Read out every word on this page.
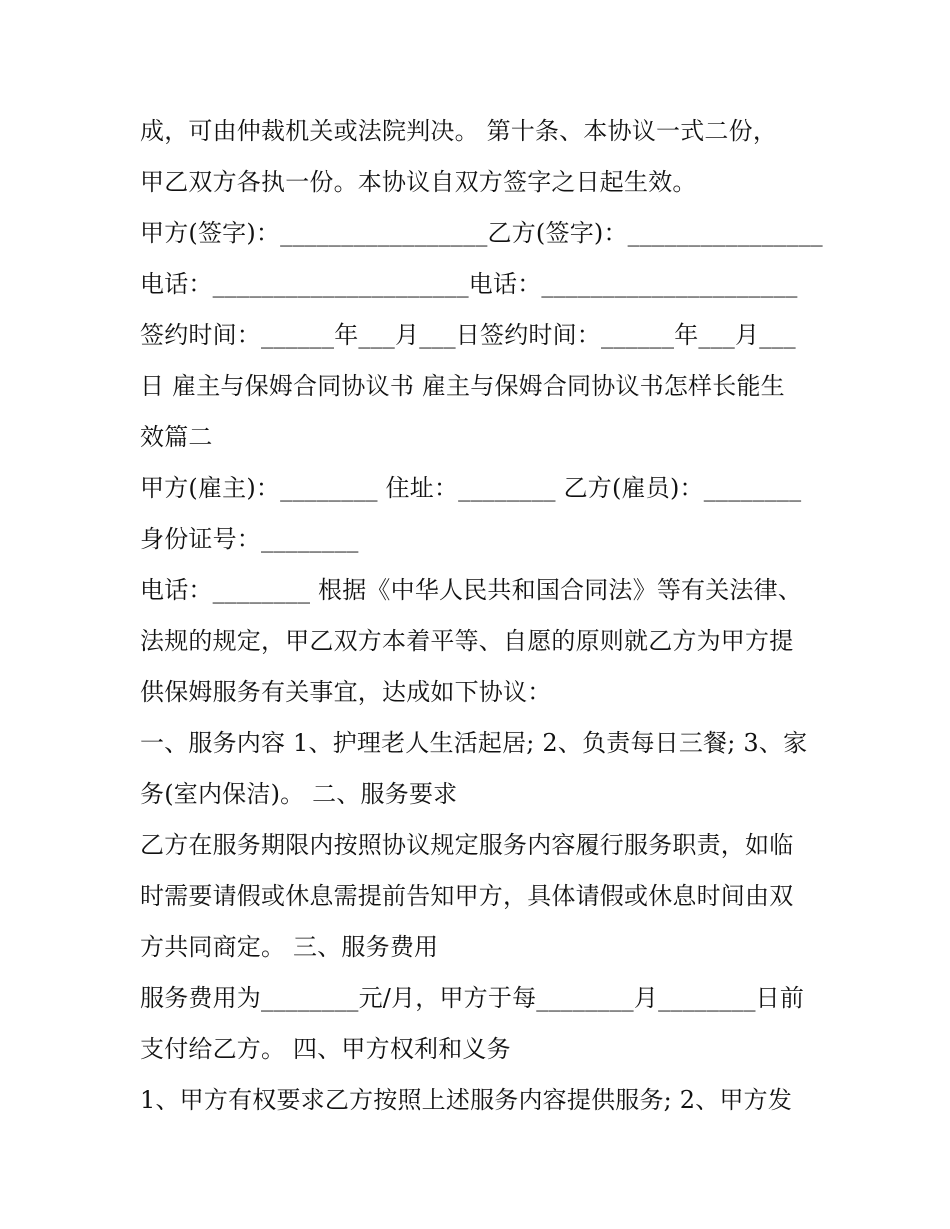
成，可由仲裁机关或法院判决。 第十条、本协议一式二份，
甲乙双方各执一份。本协议自双方签字之日起生效。
甲方(签字)：_________________乙方(签字)：________________
电话：_____________________电话：_____________________
签约时间：______年___月___日签约时间：______年___月___
日 雇主与保姆合同协议书 雇主与保姆合同协议书怎样长能生
效篇二
甲方(雇主)：________ 住址：________ 乙方(雇员)：________
身份证号：________
电话：________ 根据《中华人民共和国合同法》等有关法律、
法规的规定，甲乙双方本着平等、自愿的原则就乙方为甲方提
供保姆服务有关事宜，达成如下协议：
一、服务内容 1、护理老人生活起居; 2、负责每日三餐; 3、家
务(室内保洁)。 二、服务要求
乙方在服务期限内按照协议规定服务内容履行服务职责，如临
时需要请假或休息需提前告知甲方，具体请假或休息时间由双
方共同商定。 三、服务费用
服务费用为________元/月，甲方于每________月________日前
支付给乙方。 四、甲方权利和义务
1、甲方有权要求乙方按照上述服务内容提供服务; 2、甲方发
